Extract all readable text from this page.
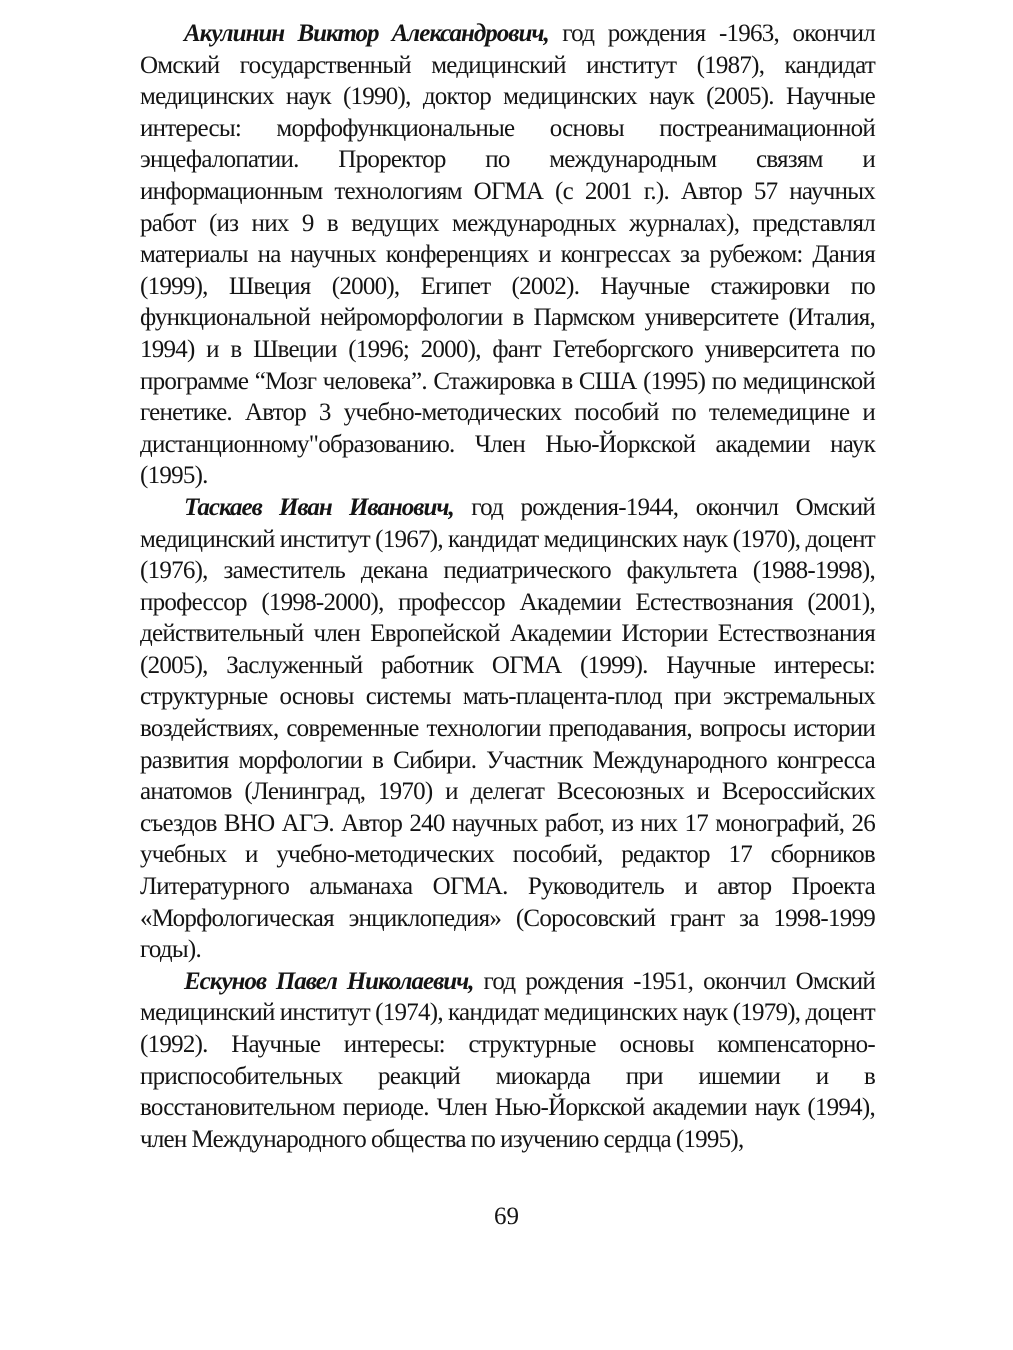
Акулинин Виктор Александрович, год рождения -1963, окончил Омский государственный медицинский институт (1987), кандидат медицинских наук (1990), доктор медицинских наук (2005). Научные интересы: морфофункциональные основы постреанимационной энцефалопатии. Проректор по международным связям и информационным технологиям ОГМА (с 2001 г.). Автор 57 научных работ (из них 9 в ведущих международных журналах), представлял материалы на научных конференциях и конгрессах за рубежом: Дания (1999), Швеция (2000), Египет (2002). Научные стажировки по функциональной нейроморфологии в Пармском университете (Италия, 1994) и в Швеции (1996; 2000), фант Гетеборгского университета по программе “Мозг человека”. Стажировка в США (1995) по медицинской генетике. Автор 3 учебно-методических пособий по телемедицине и дистанционному"образованию. Член Нью-Йоркской академии наук (1995).

Таскаев Иван Иванович, год рождения-1944, окончил Омский медицинский институт (1967), кандидат медицинских наук (1970), доцент (1976), заместитель декана педиатрического факультета (1988-1998), профессор (1998-2000), профессор Академии Естествознания (2001), действительный член Европейской Академии Истории Естествознания (2005), Заслуженный работник ОГМА (1999). Научные интересы: структурные основы системы мать-плацента-плод при экстремальных воздействиях, современные технологии преподавания, вопросы истории развития морфологии в Сибири. Участник Международного конгресса анатомов (Ленинград, 1970) и делегат Всесоюзных и Всероссийских съездов ВНО АГЭ. Автор 240 научных работ, из них 17 монографий, 26 учебных и учебно-методических пособий, редактор 17 сборников Литературного альманаха ОГМА. Руководитель и автор Проекта «Морфологическая энциклопедия» (Соросовский грант за 1998-1999 годы).

Ескунов Павел Николаевич, год рождения -1951, окончил Омский медицинский институт (1974), кандидат медицинских наук (1979), доцент (1992). Научные интересы: структурные основы компенсаторно-приспособительных реакций миокарда при ишемии и в восстановительном периоде. Член Нью-Йоркской академии наук (1994), член Международного общества по изучению сердца (1995),

69
